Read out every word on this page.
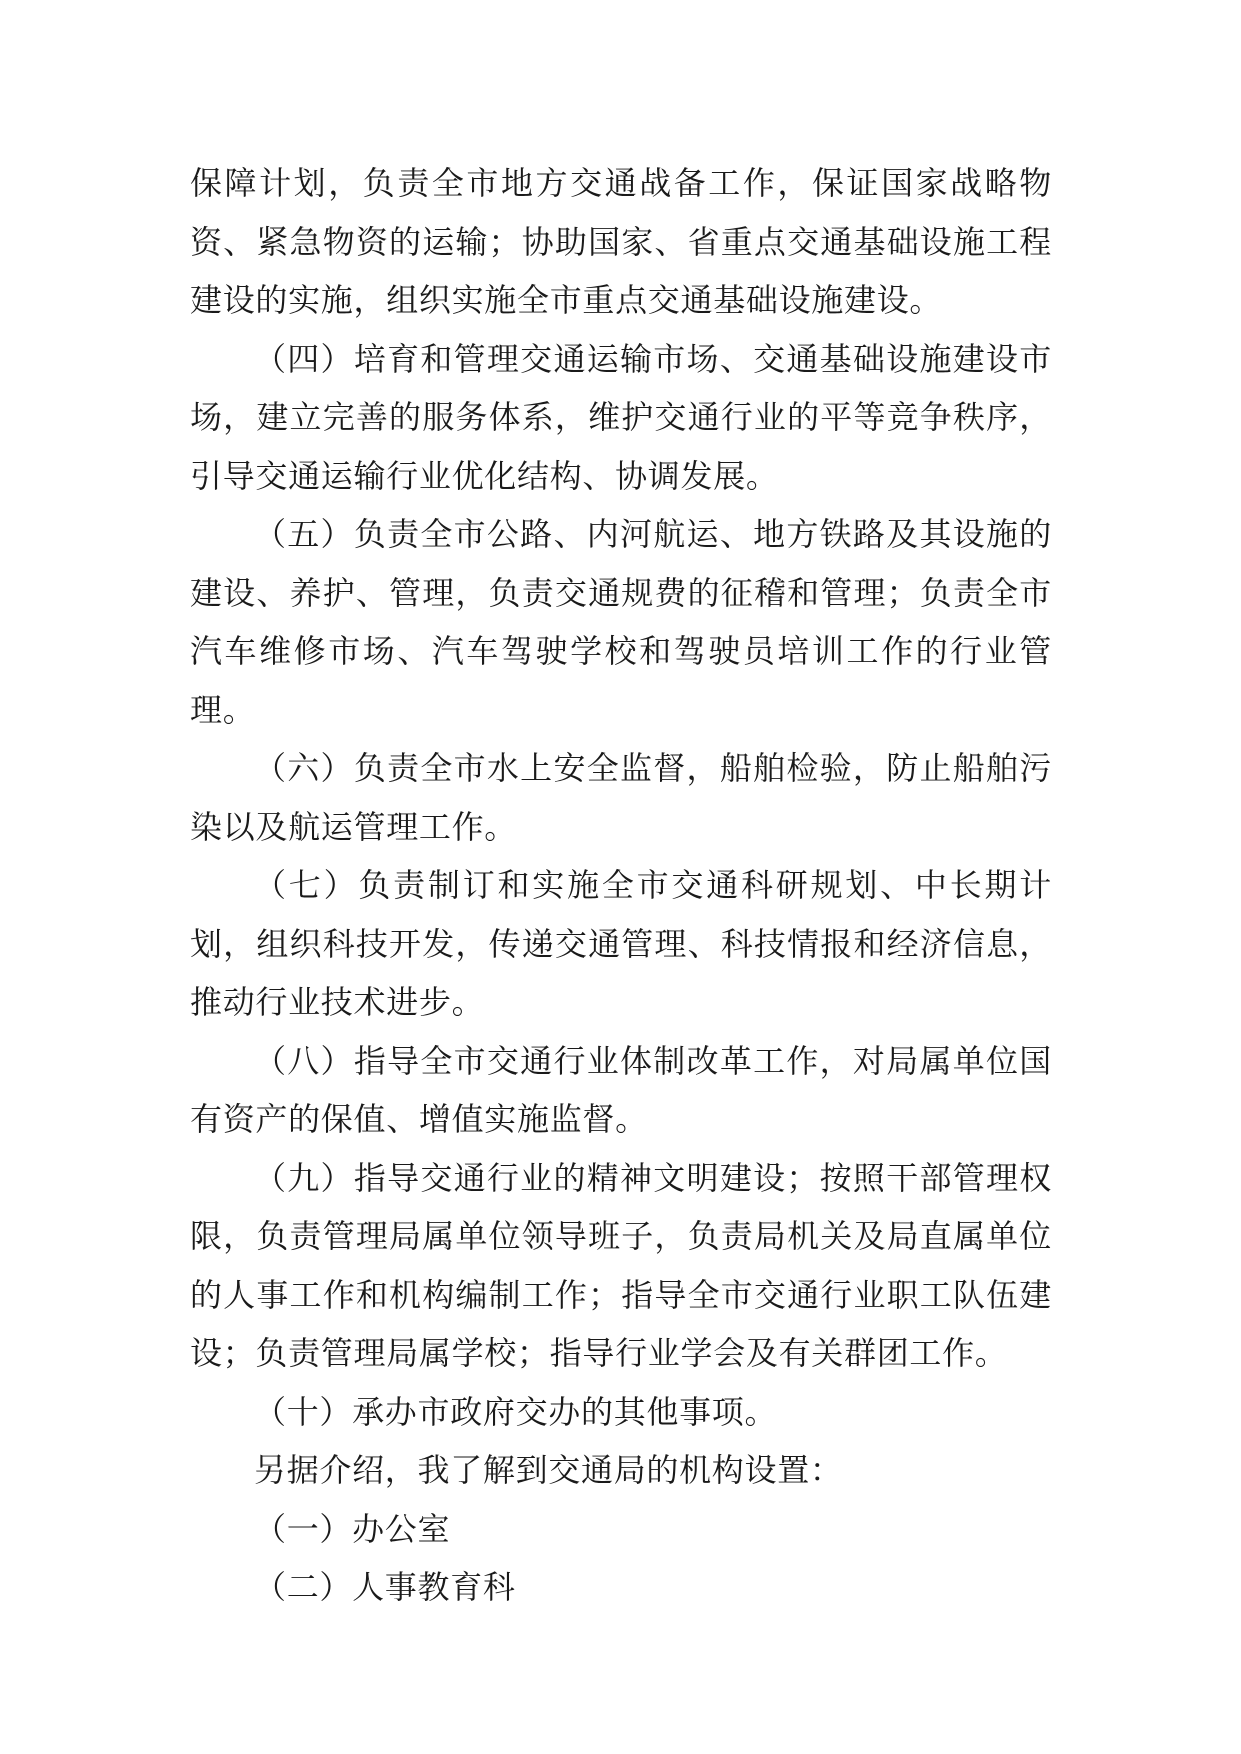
保障计划，负责全市地方交通战备工作，保证国家战略物资、紧急物资的运输；协助国家、省重点交通基础设施工程建设的实施，组织实施全市重点交通基础设施建设。

（四）培育和管理交通运输市场、交通基础设施建设市场，建立完善的服务体系，维护交通行业的平等竞争秩序，引导交通运输行业优化结构、协调发展。

（五）负责全市公路、内河航运、地方铁路及其设施的建设、养护、管理，负责交通规费的征稽和管理；负责全市汽车维修市场、汽车驾驶学校和驾驶员培训工作的行业管理。

（六）负责全市水上安全监督，船舶检验，防止船舶污染以及航运管理工作。

（七）负责制订和实施全市交通科研规划、中长期计划，组织科技开发，传递交通管理、科技情报和经济信息，推动行业技术进步。

（八）指导全市交通行业体制改革工作，对局属单位国有资产的保值、增值实施监督。

（九）指导交通行业的精神文明建设；按照干部管理权限，负责管理局属单位领导班子，负责局机关及局直属单位的人事工作和机构编制工作；指导全市交通行业职工队伍建设；负责管理局属学校；指导行业学会及有关群团工作。

（十）承办市政府交办的其他事项。

另据介绍，我了解到交通局的机构设置：

（一）办公室

（二）人事教育科
